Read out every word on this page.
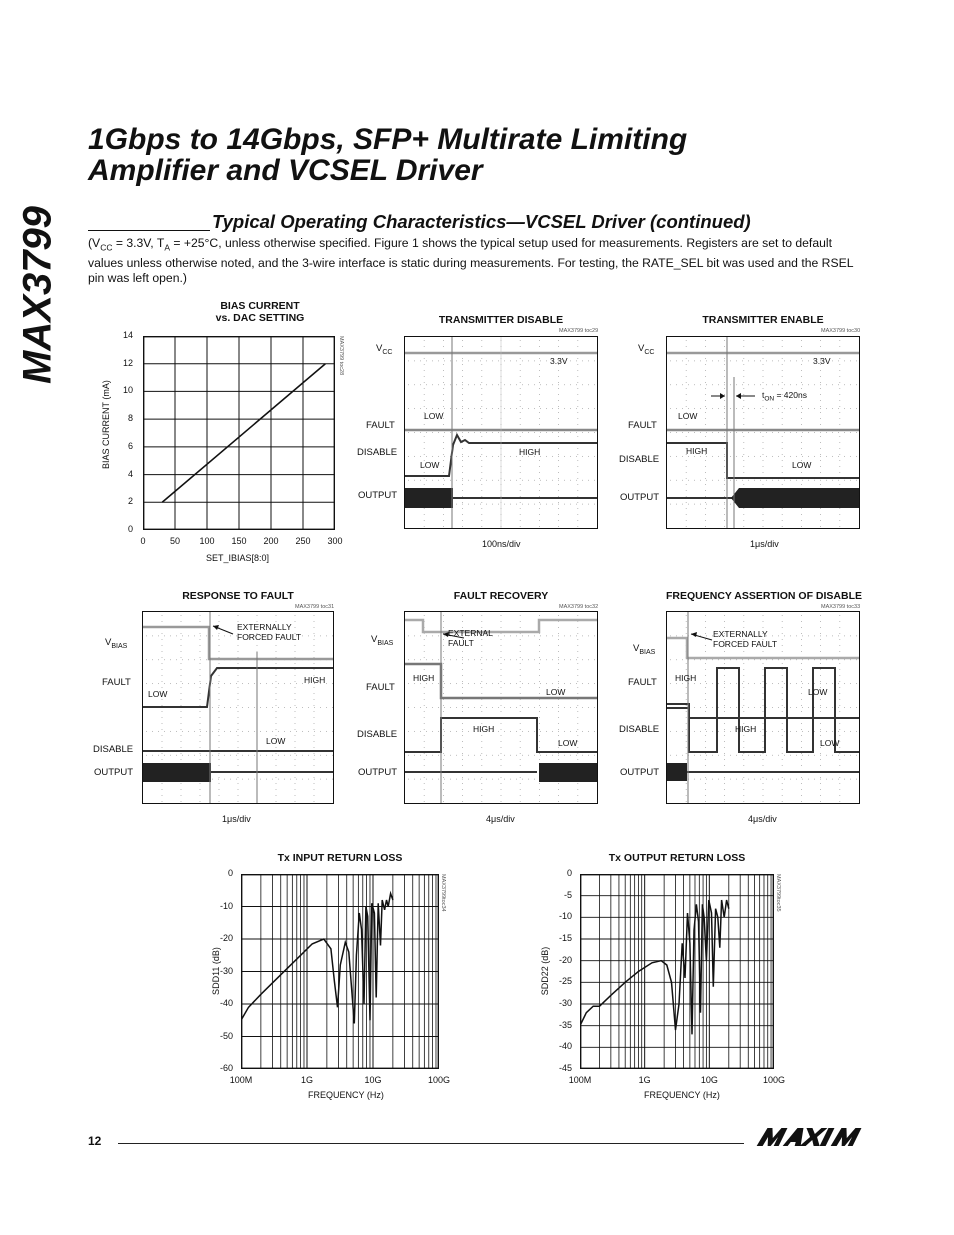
MAX3799
1Gbps to 14Gbps, SFP+ Multirate Limiting
Amplifier and VCSEL Driver
Typical Operating Characteristics—VCSEL Driver (continued)
($V_{CC} = 3.3V$, $T_A = +25^\circ C$, unless otherwise specified. Figure 1 shows the typical setup used for measurements. Registers are set to default values unless otherwise noted, and the 3-wire interface is static during measurements. For testing, the RATE_SEL bit was used and the RSEL pin was left open.)
BIAS CURRENT
vs. DAC SETTING
MAX3799 toc28
0
2
4
6
8
10
12
14
0	50	100	150	200	250	300
BIAS CURRENT (mA)
SET_IBIAS[8:0]
TRANSMITTER DISABLE
MAX3799 toc29
$V_{CC}$
FAULT
DISABLE
OUTPUT
3.3V
LOW
LOW
HIGH
100ns/div
TRANSMITTER ENABLE
MAX3799 toc30
$V_{CC}$
FAULT
DISABLE
OUTPUT
3.3V
$t_{ON} = 420ns$
LOW
HIGH
LOW
1μs/div
RESPONSE TO FAULT
MAX3799 toc31
$V_{BIAS}$
FAULT
DISABLE
OUTPUT
EXTERNALLY
FORCED FAULT
HIGH
LOW
LOW
1μs/div
FAULT RECOVERY
MAX3799 toc32
$V_{BIAS}$
FAULT
DISABLE
OUTPUT
EXTERNAL
FAULT
HIGH
LOW
HIGH
LOW
4μs/div
FREQUENCY ASSERTION OF DISABLE
MAX3799 toc33
$V_{BIAS}$
FAULT
DISABLE
OUTPUT
EXTERNALLY
FORCED FAULT
HIGH
LOW
HIGH
LOW
4μs/div
Tx INPUT RETURN LOSS
MAX3799toc34
0
-10
-20
-30
-40
-50
-60
100M	1G	10G	100G
SDD11 (dB)
FREQUENCY (Hz)
Tx OUTPUT RETURN LOSS
MAX3799toc35
0
-5
-10
-15
-20
-25
-30
-35
-40
-45
100M	1G	10G	100G
SDD22 (dB)
FREQUENCY (Hz)
12
